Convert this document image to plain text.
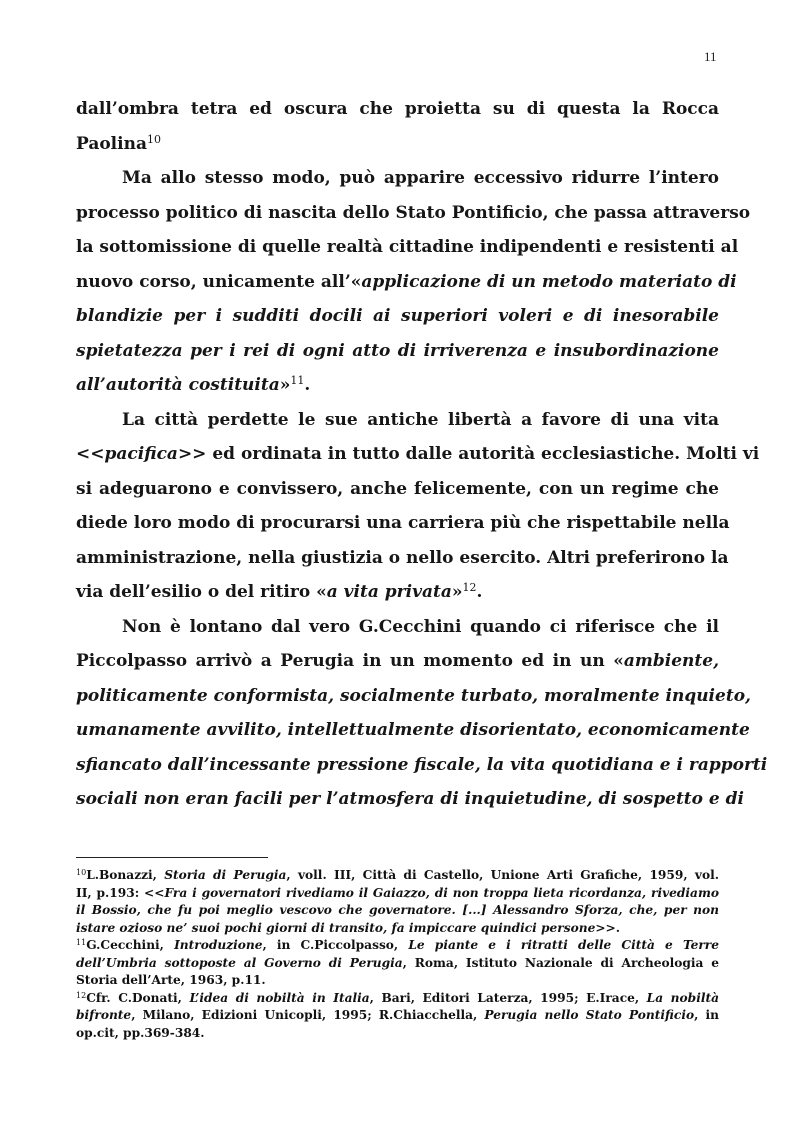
11
dall’ombra tetra ed oscura che proietta su di questa la Rocca
Paolina$^{10}$
Ma allo stesso modo, può apparire eccessivo ridurre l’intero
processo politico di nascita dello Stato Pontificio, che passa attraverso
la sottomissione di quelle realtà cittadine indipendenti e resistenti al
nuovo corso, unicamente all’«applicazione di un metodo materiato di
blandizie per i sudditi docili ai superiori voleri e di inesorabile
spietatezza per i rei di ogni atto di irriverenza e insubordinazione
all’autorità costituita»$^{11}$.
La città perdette le sue antiche libertà a favore di una vita
<<pacifica>> ed ordinata in tutto dalle autorità ecclesiastiche. Molti vi
si adeguarono e convissero, anche felicemente, con un regime che
diede loro modo di procurarsi una carriera più che rispettabile nella
amministrazione, nella giustizia o nello esercito. Altri preferirono la
via dell’esilio o del ritiro «a vita privata»$^{12}$.
Non è lontano dal vero G.Cecchini quando ci riferisce che il
Piccolpasso arrivò a Perugia in un momento ed in un «ambiente,
politicamente conformista, socialmente turbato, moralmente inquieto,
umanamente avvilito, intellettualmente disorientato, economicamente
sfiancato dall’incessante pressione fiscale, la vita quotidiana e i rapporti
sociali non eran facili per l’atmosfera di inquietudine, di sospetto e di
$^{10}$L.Bonazzi, Storia di Perugia, voll. III, Città di Castello, Unione Arti Grafiche, 1959, vol.
II, p.193: <<Fra i governatori rivediamo il Gaiazzo, di non troppa lieta ricordanza, rivediamo
il Bossio, che fu poi meglio vescovo che governatore. [...] Alessandro Sforza, che, per non
istare ozioso ne’ suoi pochi giorni di transito, fa impiccare quindici persone>>.
$^{11}$G.Cecchini, Introduzione, in C.Piccolpasso, Le piante e i ritratti delle Città e Terre
dell’Umbria sottoposte al Governo di Perugia, Roma, Istituto Nazionale di Archeologia e
Storia dell’Arte, 1963, p.11.
$^{12}$Cfr. C.Donati, L’idea di nobiltà in Italia, Bari, Editori Laterza, 1995; E.Irace, La nobiltà
bifronte, Milano, Edizioni Unicopli, 1995; R.Chiacchella, Perugia nello Stato Pontificio, in
op.cit, pp.369-384.
